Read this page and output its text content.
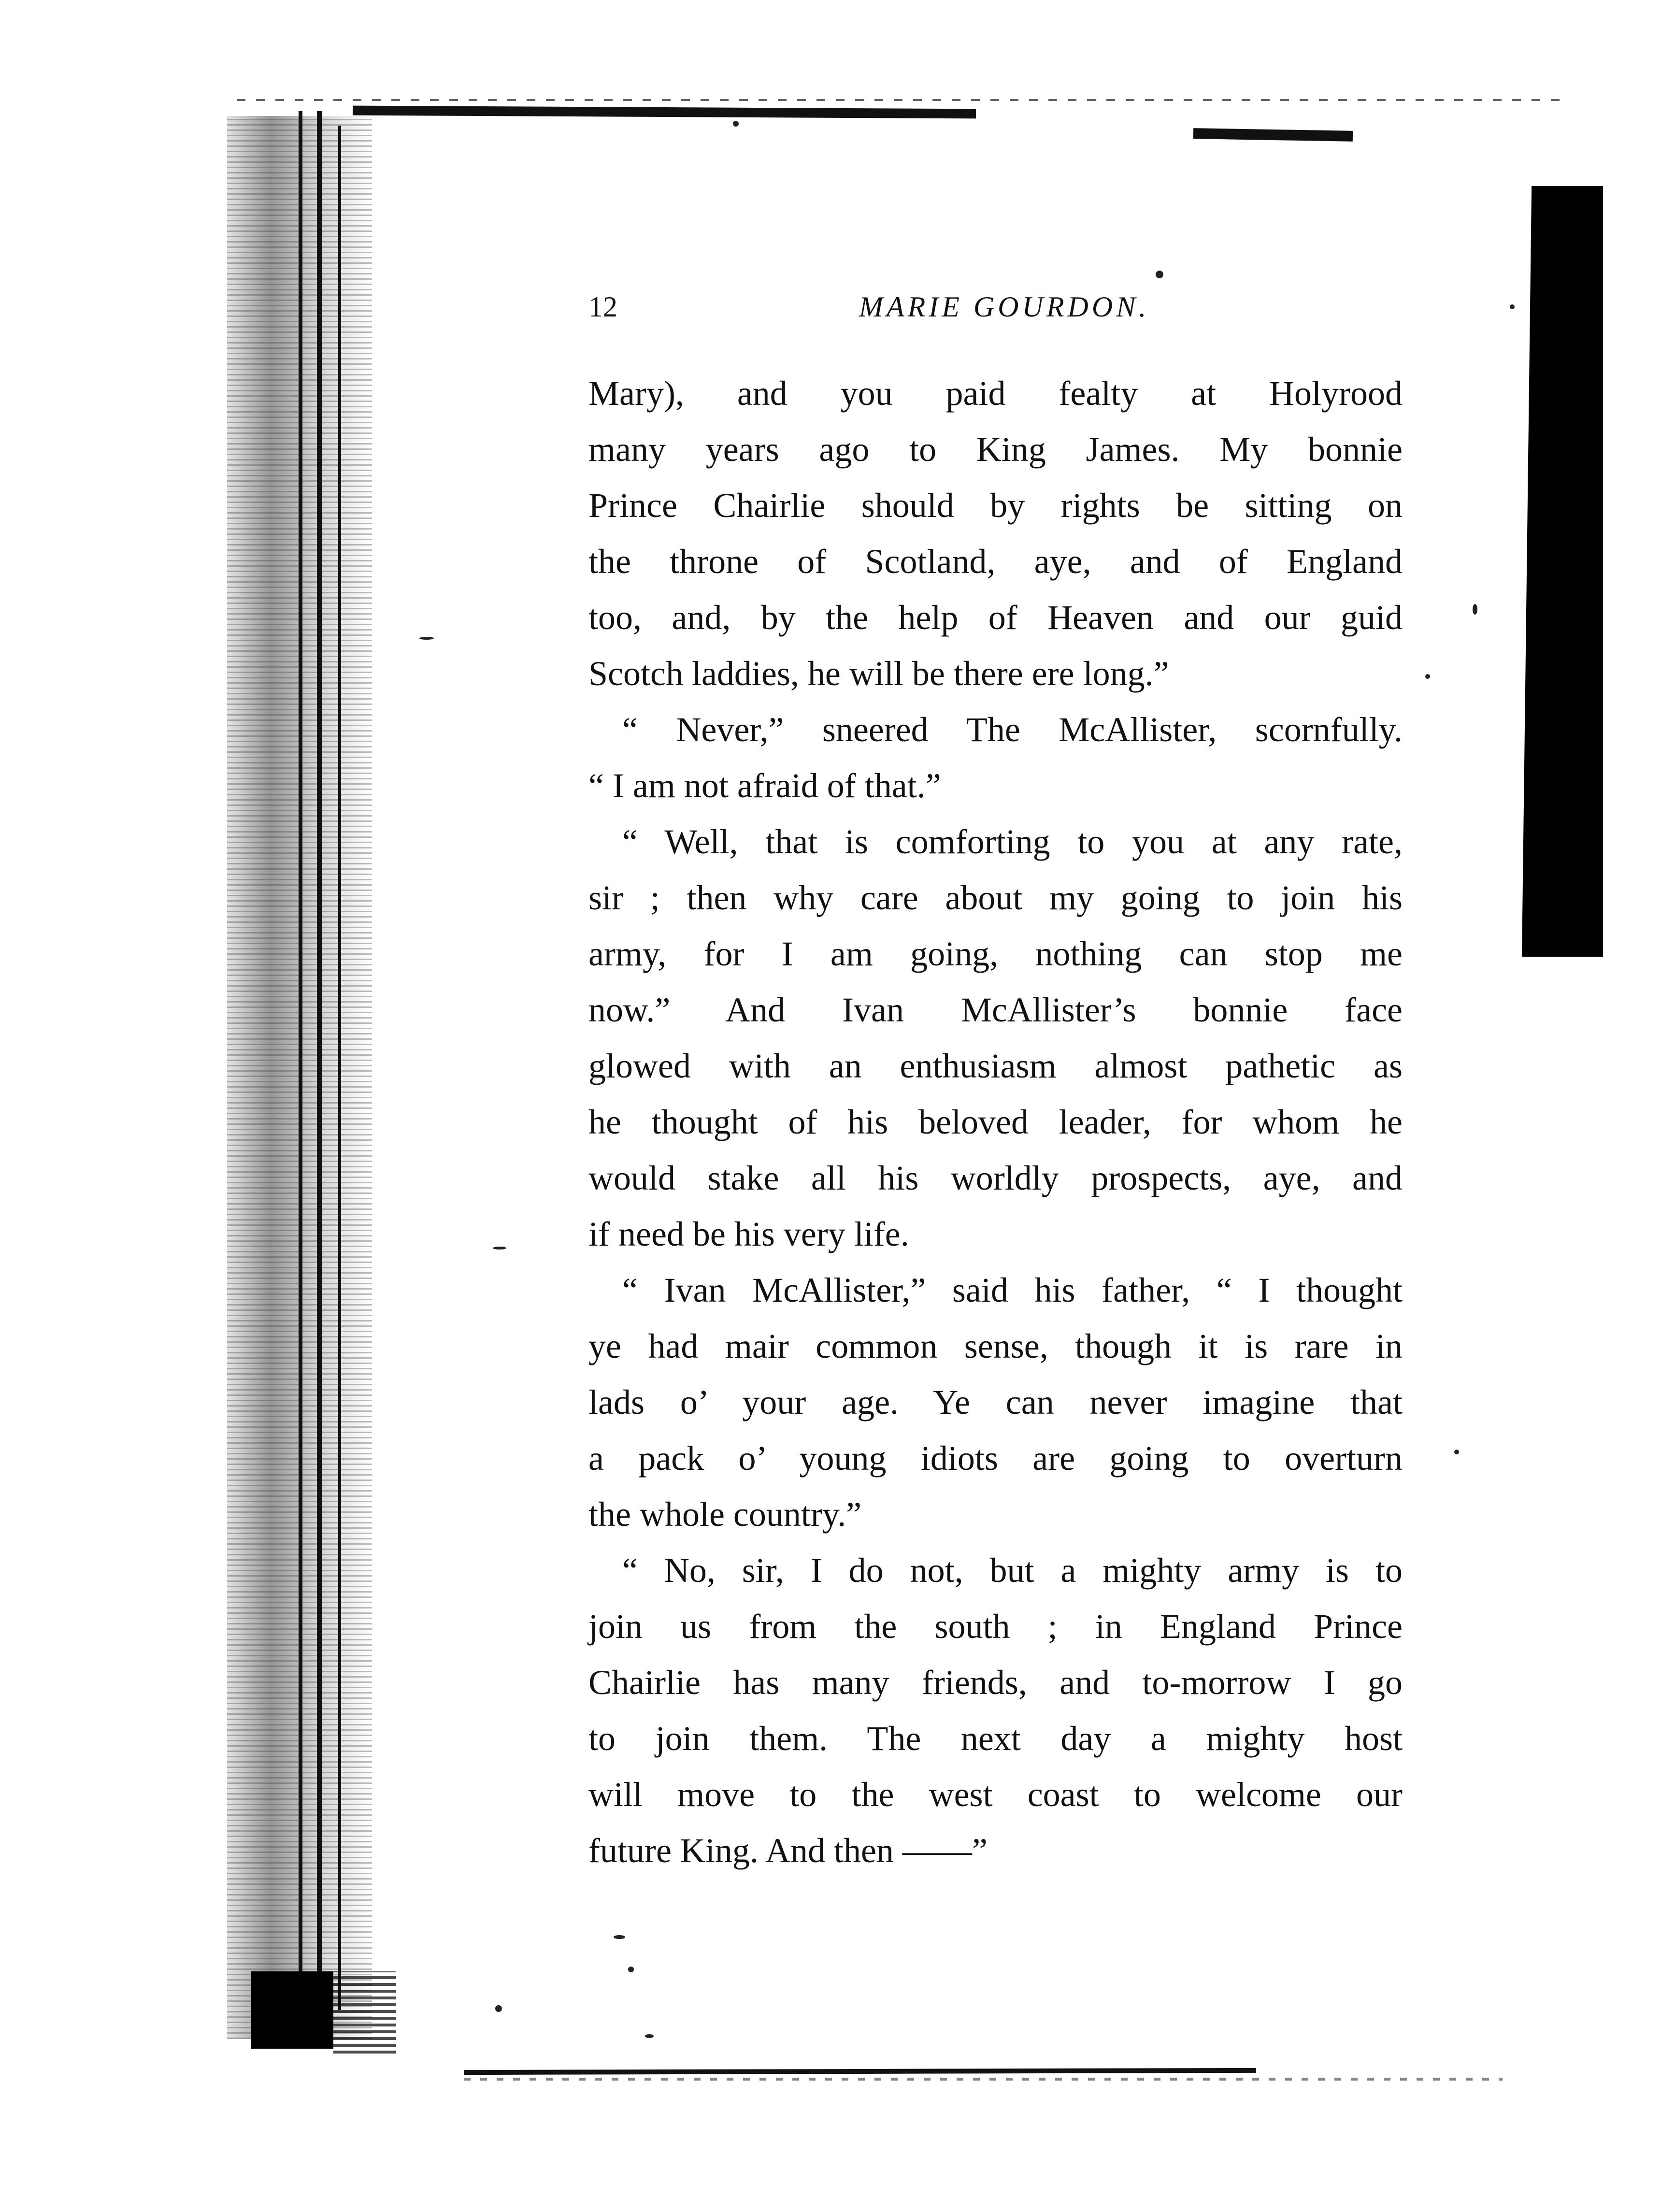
12	MARIE GOURDON.
Mary), and you paid fealty at Holyrood
many years ago to King James. My bonnie
Prince Chairlie should by rights be sitting on
the throne of Scotland, aye, and of England
too, and, by the help of Heaven and our guid
Scotch laddies, he will be there ere long.”
“ Never,” sneered The McAllister, scornfully.
“ I am not afraid of that.”
“ Well, that is comforting to you at any rate,
sir ; then why care about my going to join his
army, for I am going, nothing can stop me
now.” And Ivan McAllister’s bonnie face
glowed with an enthusiasm almost pathetic as
he thought of his beloved leader, for whom he
would stake all his worldly prospects, aye, and
if need be his very life.
“ Ivan McAllister,” said his father, “ I thought
ye had mair common sense, though it is rare in
lads o’ your age. Ye can never imagine that
a pack o’ young idiots are going to overturn
the whole country.”
“ No, sir, I do not, but a mighty army is to
join us from the south ; in England Prince
Chairlie has many friends, and to-morrow I go
to join them. The next day a mighty host
will move to the west coast to welcome our
future King. And then ——”
